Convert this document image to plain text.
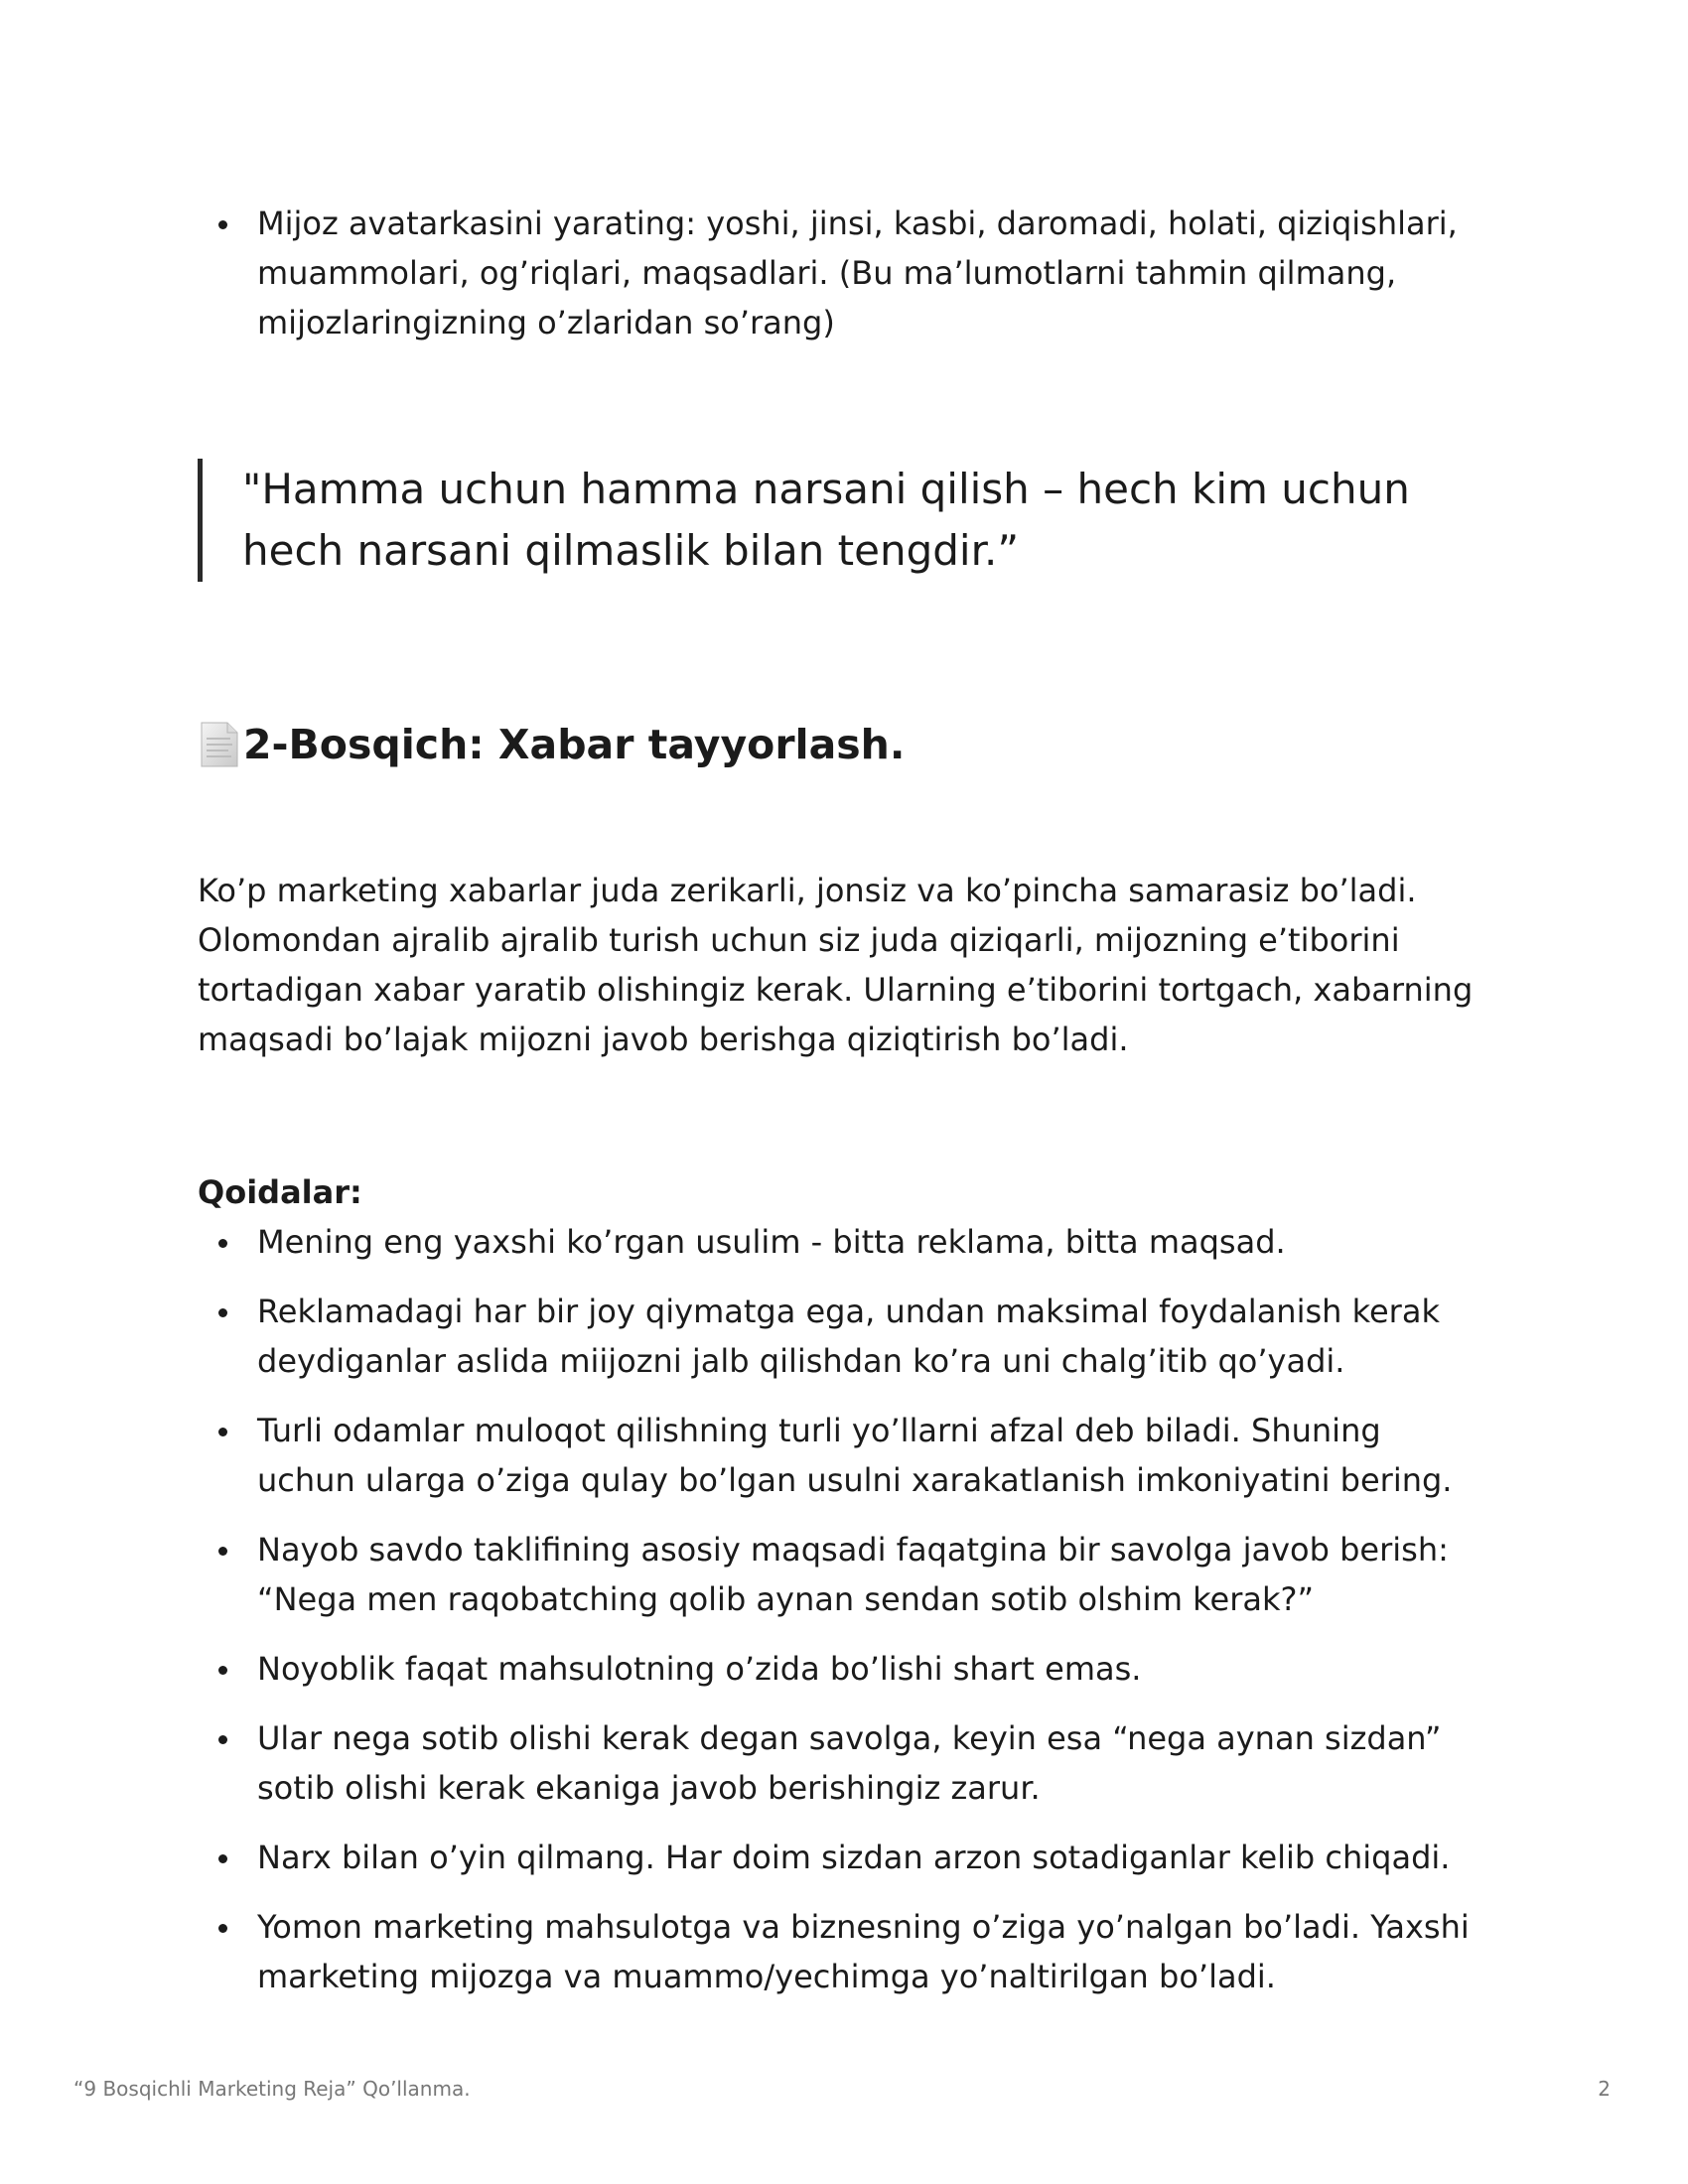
Mijoz avatarkasini yarating: yoshi, jinsi, kasbi, daromadi, holati, qiziqishlari, muammolari, og’riqlari, maqsadlari. (Bu ma’lumotlarni tahmin qilmang, mijozlaringizning o’zlaridan so’rang)
"Hamma uchun hamma narsani qilish – hech kim uchun hech narsani qilmaslik bilan tengdir.”
2-Bosqich: Xabar tayyorlash.

Ko’p marketing xabarlar juda zerikarli, jonsiz va ko’pincha samarasiz bo’ladi. Olomondan ajralib ajralib turish uchun siz juda qiziqarli, mijozning e’tiborini tortadigan xabar yaratib olishingiz kerak. Ularning e’tiborini tortgach, xabarning maqsadi bo’lajak mijozni javob berishga qiziqtirish bo’ladi.

Qoidalar:
Mening eng yaxshi ko’rgan usulim - bitta reklama, bitta maqsad.
Reklamadagi har bir joy qiymatga ega, undan maksimal foydalanish kerak deydiganlar aslida miijozni jalb qilishdan ko’ra uni chalg’itib qo’yadi.
Turli odamlar muloqot qilishning turli yo’llarni afzal deb biladi. Shuning uchun ularga o’ziga qulay bo’lgan usulni xarakatlanish imkoniyatini bering.
Nayob savdo taklifining asosiy maqsadi faqatgina bir savolga javob berish: “Nega men raqobatching qolib aynan sendan sotib olshim kerak?”
Noyoblik faqat mahsulotning o’zida bo’lishi shart emas.
Ular nega sotib olishi kerak degan savolga, keyin esa “nega aynan sizdan” sotib olishi kerak ekaniga javob berishingiz zarur.
Narx bilan o’yin qilmang. Har doim sizdan arzon sotadiganlar kelib chiqadi.
Yomon marketing mahsulotga va biznesning o’ziga yo’nalgan bo’ladi. Yaxshi marketing mijozga va muammo/yechimga yo’naltirilgan bo’ladi.
“9 Bosqichli Marketing Reja” Qo’llanma.	2
